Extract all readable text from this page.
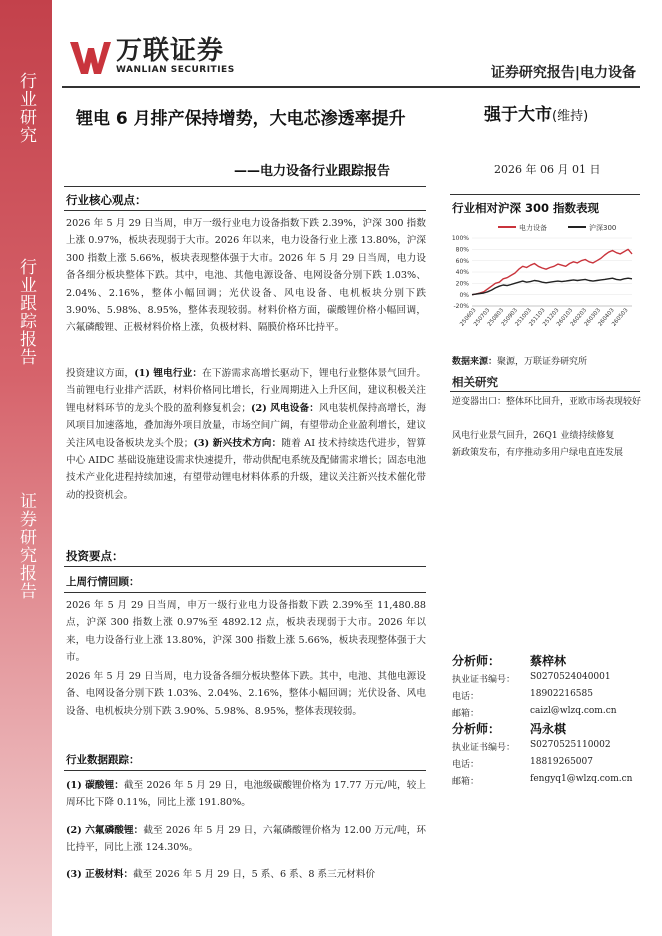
行业研究
行业跟踪报告
证券研究报告
万联证券
WANLIAN SECURITIES	证券研究报告|电力设备
锂电 6 月排产保持增势，大电芯渗透率提升
——电力设备行业跟踪报告
强于大市(维持)
2026 年 06 月 01 日
行业核心观点：
2026 年 5 月 29 日当周，申万一级行业电力设备指数下跌 2.39%，沪深 300 指数上涨 0.97%，板块表现弱于大市。2026 年以来，电力设备行业上涨 13.80%，沪深 300 指数上涨 5.66%，板块表现整体强于大市。2026 年 5 月 29 日当周，电力设备各细分板块整体下跌。其中，电池、其他电源设备、电网设备分别下跌 1.03%、2.04%、2.16%，整体小幅回调；光伏设备、风电设备、电机板块分别下跌 3.90%、5.98%、8.95%，整体表现较弱。材料价格方面，碳酸锂价格小幅回调，六氟磷酸锂、正极材料价格上涨，负极材料、隔膜价格环比持平。
投资建议方面，(1) 锂电行业：在下游需求高增长驱动下，锂电行业整体景气回升。当前锂电行业排产活跃，材料价格同比增长，行业周期进入上升区间，建议积极关注锂电材料环节的龙头个股的盈利修复机会；(2) 风电设备：风电装机保持高增长，海风项目加速落地，叠加海外项目放量，市场空间广阔，有望带动企业盈利增长，建议关注风电设备板块龙头个股；(3) 新兴技术方向：随着 AI 技术持续迭代进步，智算中心 AIDC 基础设施建设需求快速提升，带动供配电系统及配储需求增长；固态电池技术产业化进程持续加速，有望带动锂电材料体系的升级，建议关注新兴技术催化带动的投资机会。
投资要点：
上周行情回顾：
2026 年 5 月 29 日当周，申万一级行业电力设备指数下跌 2.39%至 11,480.88 点，沪深 300 指数上涨 0.97%至 4892.12 点，板块表现弱于大市。2026 年以来，电力设备行业上涨 13.80%，沪深 300 指数上涨 5.66%，板块表现整体强于大市。
2026 年 5 月 29 日当周，电力设备各细分板块整体下跌。其中，电池、其他电源设备、电网设备分别下跌 1.03%、2.04%、2.16%，整体小幅回调；光伏设备、风电设备、电机板块分别下跌 3.90%、5.98%、8.95%，整体表现较弱。
行业数据跟踪：
(1) 碳酸锂：截至 2026 年 5 月 29 日，电池级碳酸锂价格为 17.77 万元/吨，较上周环比下降 0.11%，同比上涨 191.80%。
(2) 六氟磷酸锂：截至 2026 年 5 月 29 日，六氟磷酸锂价格为 12.00 万元/吨，环比持平，同比上涨 124.30%。
(3) 正极材料：截至 2026 年 5 月 29 日，5 系、6 系、8 系三元材料价
行业相对沪深 300 指数表现
电力设备	沪深300
100%
80%
60%
40%
20%
0%
-20%
250603
250703
250803
250903
251003
251103
251203
260103
260203
260303
260403
260503
数据来源：聚源，万联证券研究所
相关研究
逆变器出口：整体环比回升，亚欧市场表现较好
风电行业景气回升，26Q1 业绩持续修复
新政策发布，有序推动多用户绿电直连发展
分析师： 蔡梓林
执业证书编号： S0270524040001
电话：	18902216585
邮箱：	caizl@wlzq.com.cn
分析师： 冯永棋
执业证书编号： S0270525110002
电话：	18819265007
邮箱：	fengyq1@wlzq.com.cn
